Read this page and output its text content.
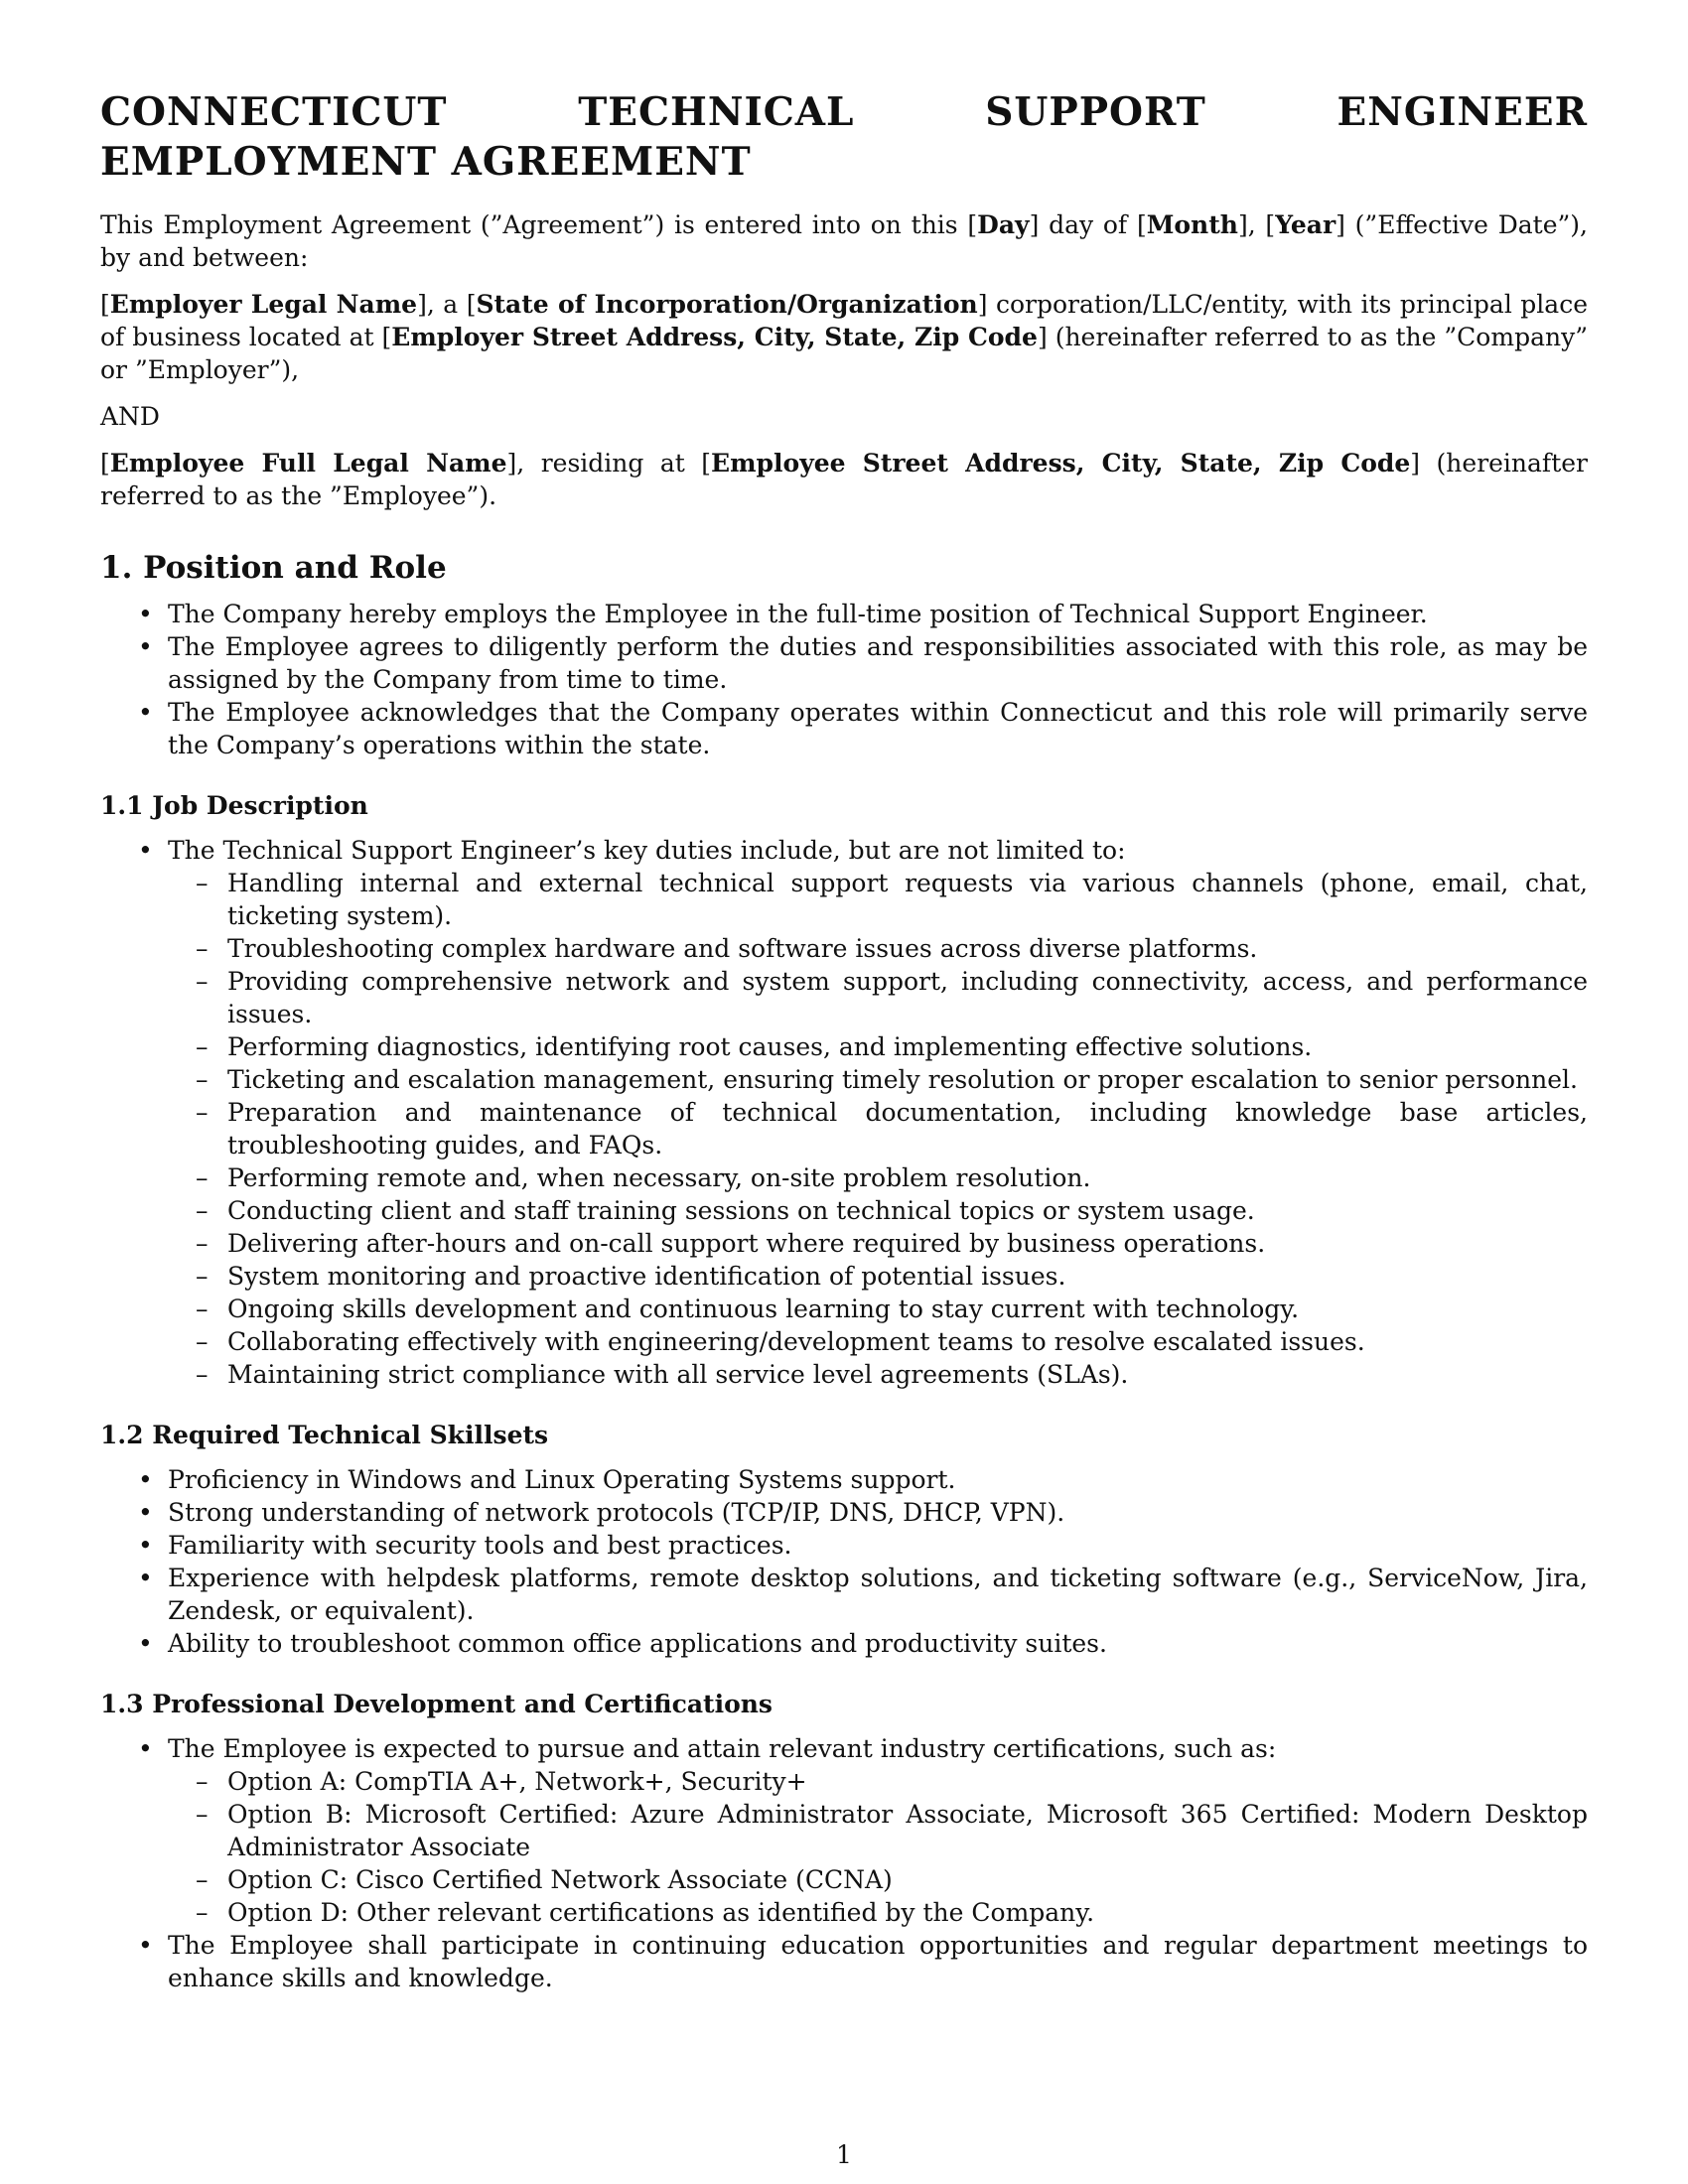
CONNECTICUT TECHNICAL SUPPORT ENGINEER EMPLOYMENT AGREEMENT

This Employment Agreement (”Agreement”) is entered into on this [Day] day of [Month], [Year] (”Effective Date”), by and between:

[Employer Legal Name], a [State of Incorporation/Organization] corporation/LLC/entity, with its principal place of business located at [Employer Street Address, City, State, Zip Code] (hereinafter referred to as the ”Company” or ”Employer”),

AND

[Employee Full Legal Name], residing at [Employee Street Address, City, State, Zip Code] (hereinafter referred to as the ”Employee”).

1. Position and Role
• The Company hereby employs the Employee in the full-time position of Technical Support Engineer.
• The Employee agrees to diligently perform the duties and responsibilities associated with this role, as may be assigned by the Company from time to time.
• The Employee acknowledges that the Company operates within Connecticut and this role will primarily serve the Company’s operations within the state.
1.1 Job Description
• The Technical Support Engineer’s key duties include, but are not limited to:
– Handling internal and external technical support requests via various channels (phone, email, chat, ticketing system).
– Troubleshooting complex hardware and software issues across diverse platforms.
– Providing comprehensive network and system support, including connectivity, access, and performance issues.
– Performing diagnostics, identifying root causes, and implementing effective solutions.
– Ticketing and escalation management, ensuring timely resolution or proper escalation to senior personnel.
– Preparation and maintenance of technical documentation, including knowledge base articles, troubleshooting guides, and FAQs.
– Performing remote and, when necessary, on-site problem resolution.
– Conducting client and staff training sessions on technical topics or system usage.
– Delivering after-hours and on-call support where required by business operations.
– System monitoring and proactive identification of potential issues.
– Ongoing skills development and continuous learning to stay current with technology.
– Collaborating effectively with engineering/development teams to resolve escalated issues.
– Maintaining strict compliance with all service level agreements (SLAs).
1.2 Required Technical Skillsets
• Proficiency in Windows and Linux Operating Systems support.
• Strong understanding of network protocols (TCP/IP, DNS, DHCP, VPN).
• Familiarity with security tools and best practices.
• Experience with helpdesk platforms, remote desktop solutions, and ticketing software (e.g., ServiceNow, Jira, Zendesk, or equivalent).
• Ability to troubleshoot common office applications and productivity suites.
1.3 Professional Development and Certifications
• The Employee is expected to pursue and attain relevant industry certifications, such as:
– Option A: CompTIA A+, Network+, Security+
– Option B: Microsoft Certified: Azure Administrator Associate, Microsoft 365 Certified: Modern Desktop Administrator Associate
– Option C: Cisco Certified Network Associate (CCNA)
– Option D: Other relevant certifications as identified by the Company.
• The Employee shall participate in continuing education opportunities and regular department meetings to enhance skills and knowledge.
1
